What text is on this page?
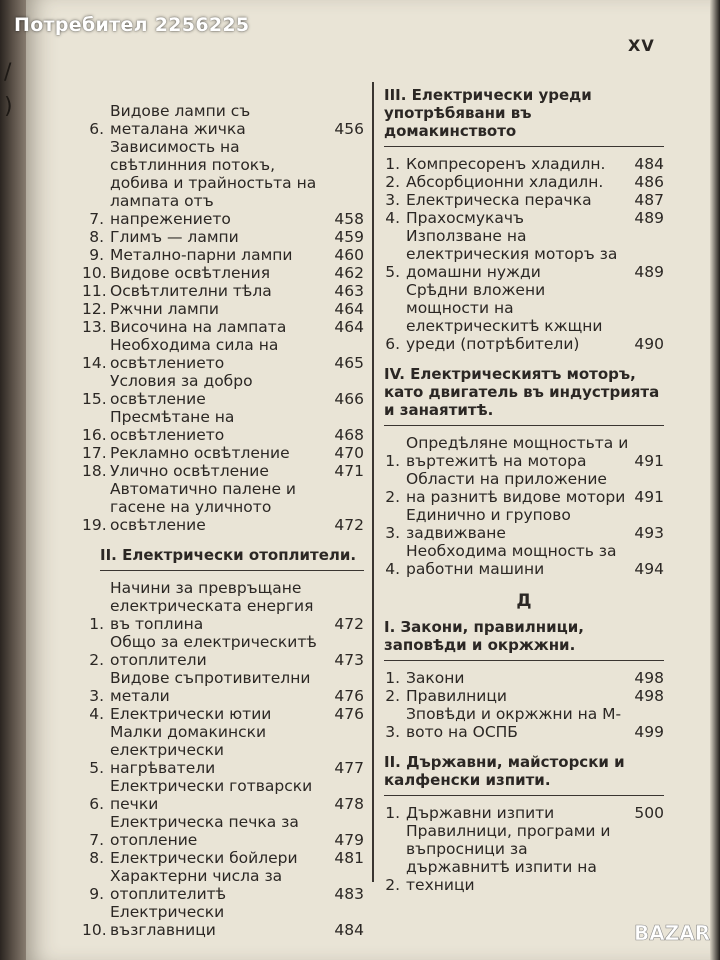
/
)
Потребител 2256225
XV
6.
Видове лампи съ металана жичка	456
7.
Зависимость на свѣтлинния потокъ, добива и трайностьта на лампата отъ напрежението	458
8. Глимъ — лампи	459
9. Метално-парни лампи	460
10. Видове освѣтления	462
11. Освѣтлителни тѣла	463
12. Ржчни лампи	464
13. Височина на лампата	464
14.
Необходима сила на освѣтлението	465
15.
Условия за добро освѣтление	466
16.
Пресмѣтане на освѣтлението	468
17. Рекламно освѣтление	470
18. Улично освѣтление	471
19.
Автоматично палене и гасене на уличното освѣтление	472
II. Електрически отоплители.
1.
Начини за превръщане електрическата енергия въ топлина	472
2.
Общо за електрическитѣ отоплители	473
3.
Видове съпротивителни метали	476
4. Електрически ютии	476
5.
Малки домакински електрически нагрѣватели	477
6.
Електрически готварски печки	478
7.
Електрическа печка за отопление	479
8. Електрически бойлери	481
9.
Характерни числа за отоплителитѣ	483
10.
Електрически възглавници	484
III. Електрически уреди употрѣбявани въ домакинството
1. Компресоренъ хладилн.	484
2. Абсорбционни хладилн.	486
3. Електрическа перачка	487
4. Прахосмукачъ	489
5.
Използване на електрическия моторъ за домашни нужди	489
6.
Срѣдни вложени мощности на електрическитѣ кжщни уреди (потрѣбители)	490
IV. Електрическиятъ моторъ, като двигатель въ индустрията и занаятитѣ.
1.
Опредѣляне мощностьта и въртежитѣ на мотора	491
2.
Области на приложение на разнитѣ видове мотори 491
3.
Единично и групово задвижване	493
4.
Необходима мощность за работни машини	494
Д
I. Закони, правилници, заповѣди и окржжни.
1. Закони	498
2. Правилници	498
3.
Зповѣди и окржжни на М-вото на ОСПБ	499
II. Държавни, майсторски и калфенски изпити.
1. Държавни изпити	500
2.
Правилници, програми и въпросници за държавнитѣ изпити на техници
BAZAR
